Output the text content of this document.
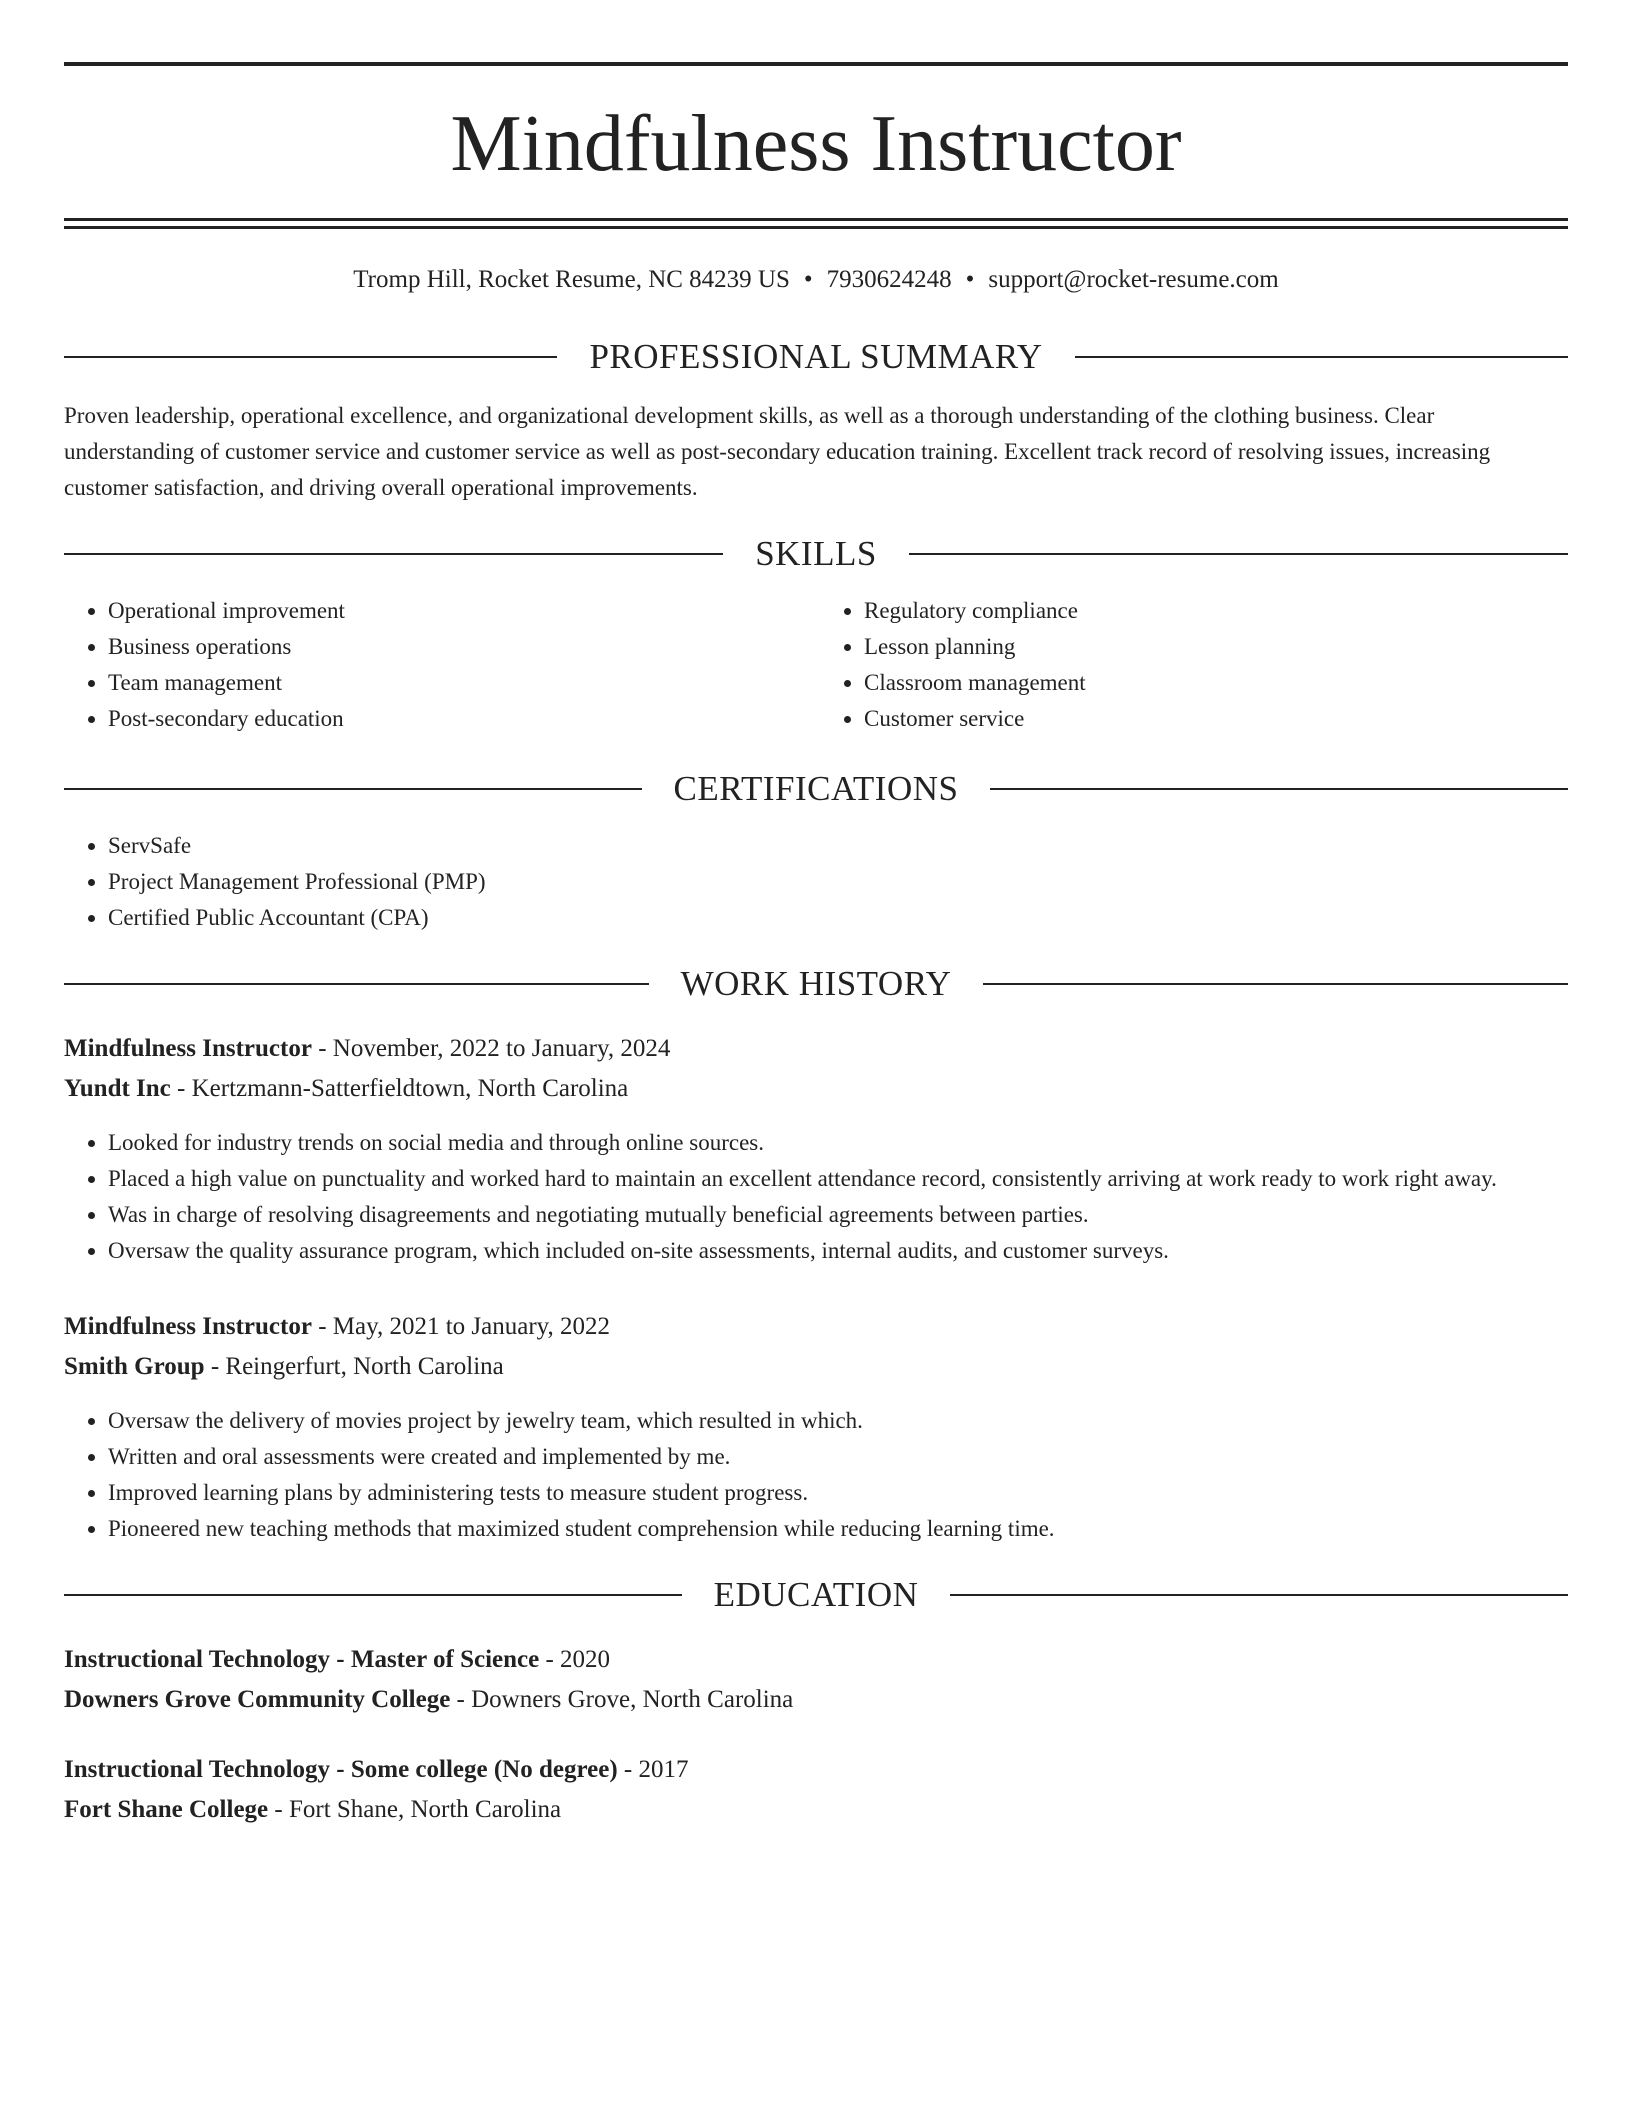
Mindfulness Instructor
Tromp Hill, Rocket Resume, NC 84239 US • 7930624248 • support@rocket-resume.com
PROFESSIONAL SUMMARY

Proven leadership, operational excellence, and organizational development skills, as well as a thorough understanding of the clothing business. Clear understanding of customer service and customer service as well as post-secondary education training. Excellent track record of resolving issues, increasing customer satisfaction, and driving overall operational improvements.

SKILLS
• Operational improvement
• Business operations
• Team management
• Post-secondary education
• Regulatory compliance
• Lesson planning
• Classroom management
• Customer service
CERTIFICATIONS
• ServSafe
• Project Management Professional (PMP)
• Certified Public Accountant (CPA)
WORK HISTORY
Mindfulness Instructor - November, 2022 to January, 2024
Yundt Inc - Kertzmann-Satterfieldtown, North Carolina
• Looked for industry trends on social media and through online sources.
• Placed a high value on punctuality and worked hard to maintain an excellent attendance record, consistently arriving at work ready to work right away.
• Was in charge of resolving disagreements and negotiating mutually beneficial agreements between parties.
• Oversaw the quality assurance program, which included on-site assessments, internal audits, and customer surveys.
Mindfulness Instructor - May, 2021 to January, 2022
Smith Group - Reingerfurt, North Carolina
• Oversaw the delivery of movies project by jewelry team, which resulted in which.
• Written and oral assessments were created and implemented by me.
• Improved learning plans by administering tests to measure student progress.
• Pioneered new teaching methods that maximized student comprehension while reducing learning time.
EDUCATION
Instructional Technology - Master of Science - 2020
Downers Grove Community College - Downers Grove, North Carolina
Instructional Technology - Some college (No degree) - 2017
Fort Shane College - Fort Shane, North Carolina
